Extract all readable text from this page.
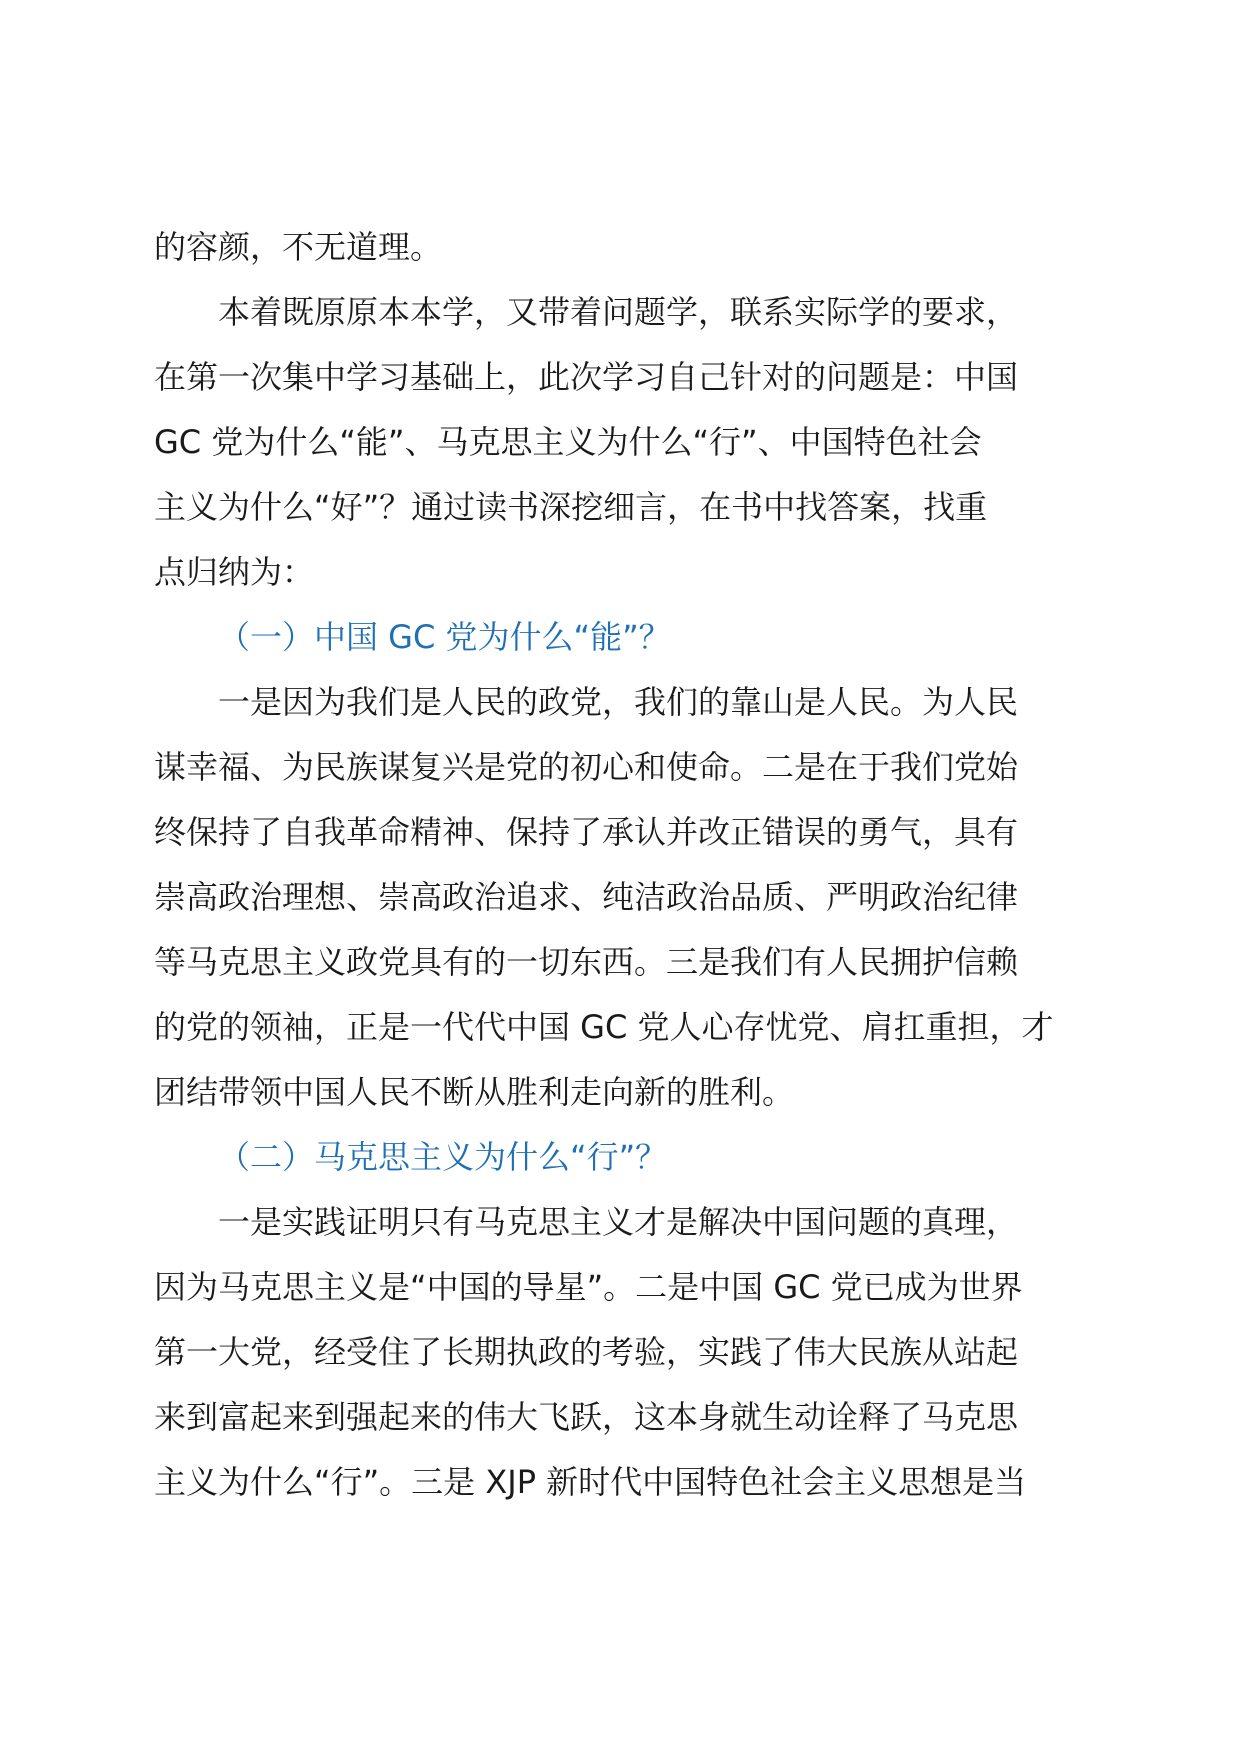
的容颜，不无道理。
本着既原原本本学，又带着问题学，联系实际学的要求，
在第一次集中学习基础上，此次学习自己针对的问题是：中国
GC 党为什么“能”、马克思主义为什么“行”、中国特色社会
主义为什么“好”？通过读书深挖细言，在书中找答案，找重
点归纳为：
（一）中国 GC 党为什么“能”？
一是因为我们是人民的政党，我们的靠山是人民。为人民
谋幸福、为民族谋复兴是党的初心和使命。二是在于我们党始
终保持了自我革命精神、保持了承认并改正错误的勇气，具有
崇高政治理想、崇高政治追求、纯洁政治品质、严明政治纪律
等马克思主义政党具有的一切东西。三是我们有人民拥护信赖
的党的领袖，正是一代代中国 GC 党人心存忧党、肩扛重担，才
团结带领中国人民不断从胜利走向新的胜利。
（二）马克思主义为什么“行”？
一是实践证明只有马克思主义才是解决中国问题的真理，
因为马克思主义是“中国的导星”。二是中国 GC 党已成为世界
第一大党，经受住了长期执政的考验，实践了伟大民族从站起
来到富起来到强起来的伟大飞跃，这本身就生动诠释了马克思
主义为什么“行”。三是 XJP 新时代中国特色社会主义思想是当
